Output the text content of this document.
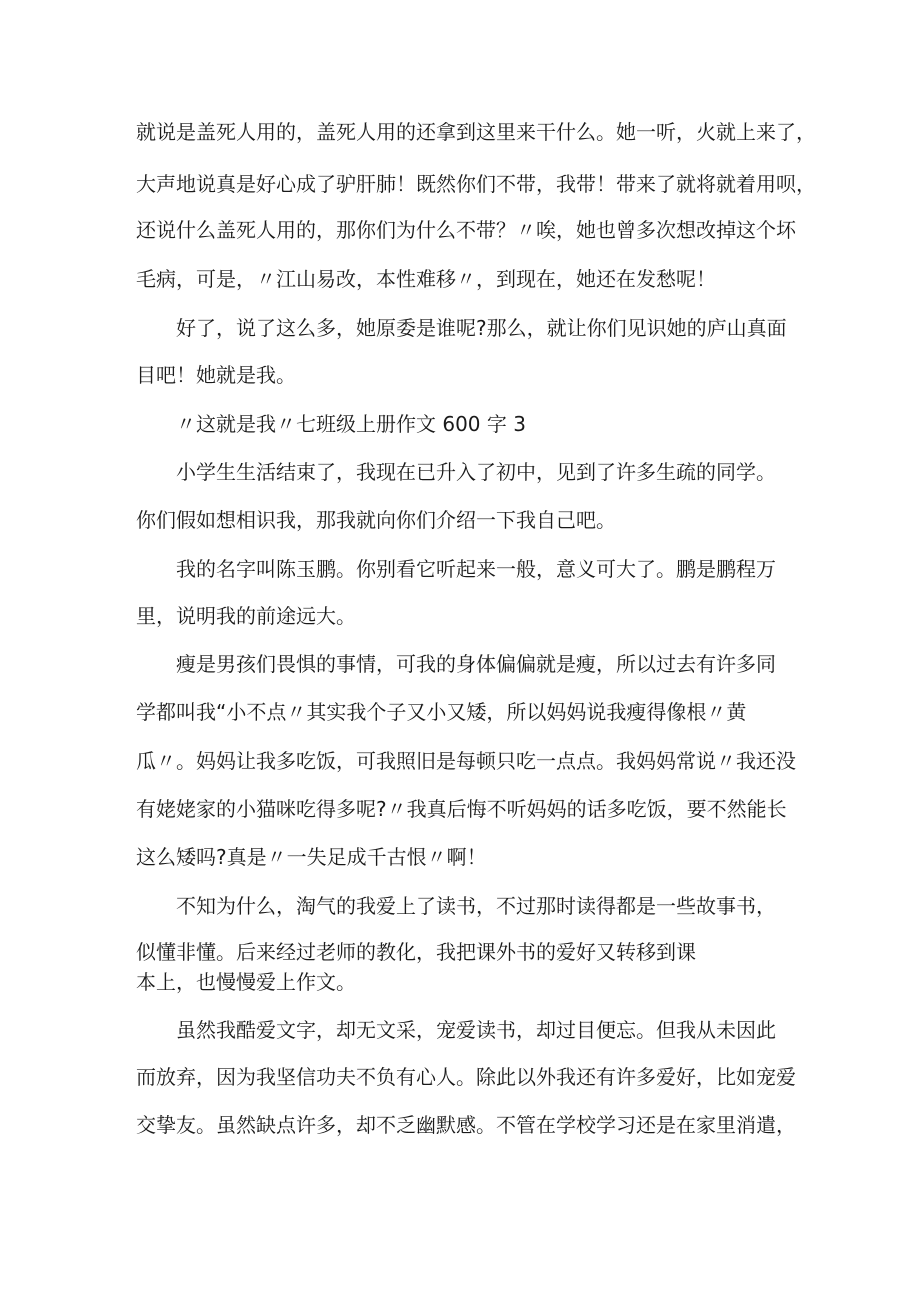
就说是盖死人用的，盖死人用的还拿到这里来干什么。她一听，火就上来了，

大声地说真是好心成了驴肝肺！既然你们不带，我带！带来了就将就着用呗，

还说什么盖死人用的，那你们为什么不带？〃唉，她也曾多次想改掉这个坏

毛病，可是，〃江山易改，本性难移〃，到现在，她还在发愁呢！

好了，说了这么多，她原委是谁呢?那么，就让你们见识她的庐山真面

目吧！她就是我。

〃这就是我〃七班级上册作文 600 字 3

小学生生活结束了，我现在已升入了初中，见到了许多生疏的同学。

你们假如想相识我，那我就向你们介绍一下我自己吧。

我的名字叫陈玉鹏。你别看它听起来一般，意义可大了。鹏是鹏程万

里，说明我的前途远大。

瘦是男孩们畏惧的事情，可我的身体偏偏就是瘦，所以过去有许多同

学都叫我“小不点〃其实我个子又小又矮，所以妈妈说我瘦得像根〃黄

瓜〃。妈妈让我多吃饭，可我照旧是每顿只吃一点点。我妈妈常说〃我还没

有姥姥家的小猫咪吃得多呢?〃我真后悔不听妈妈的话多吃饭，要不然能长

这么矮吗?真是〃一失足成千古恨〃啊！

不知为什么，淘气的我爱上了读书，不过那时读得都是一些故事书，

似懂非懂。后来经过老师的教化，我把课外书的爱好又转移到课

本上，也慢慢爱上作文。

虽然我酷爱文字，却无文采，宠爱读书，却过目便忘。但我从未因此

而放弃，因为我坚信功夫不负有心人。除此以外我还有许多爱好，比如宠爱

交挚友。虽然缺点许多，却不乏幽默感。不管在学校学习还是在家里消遣，
